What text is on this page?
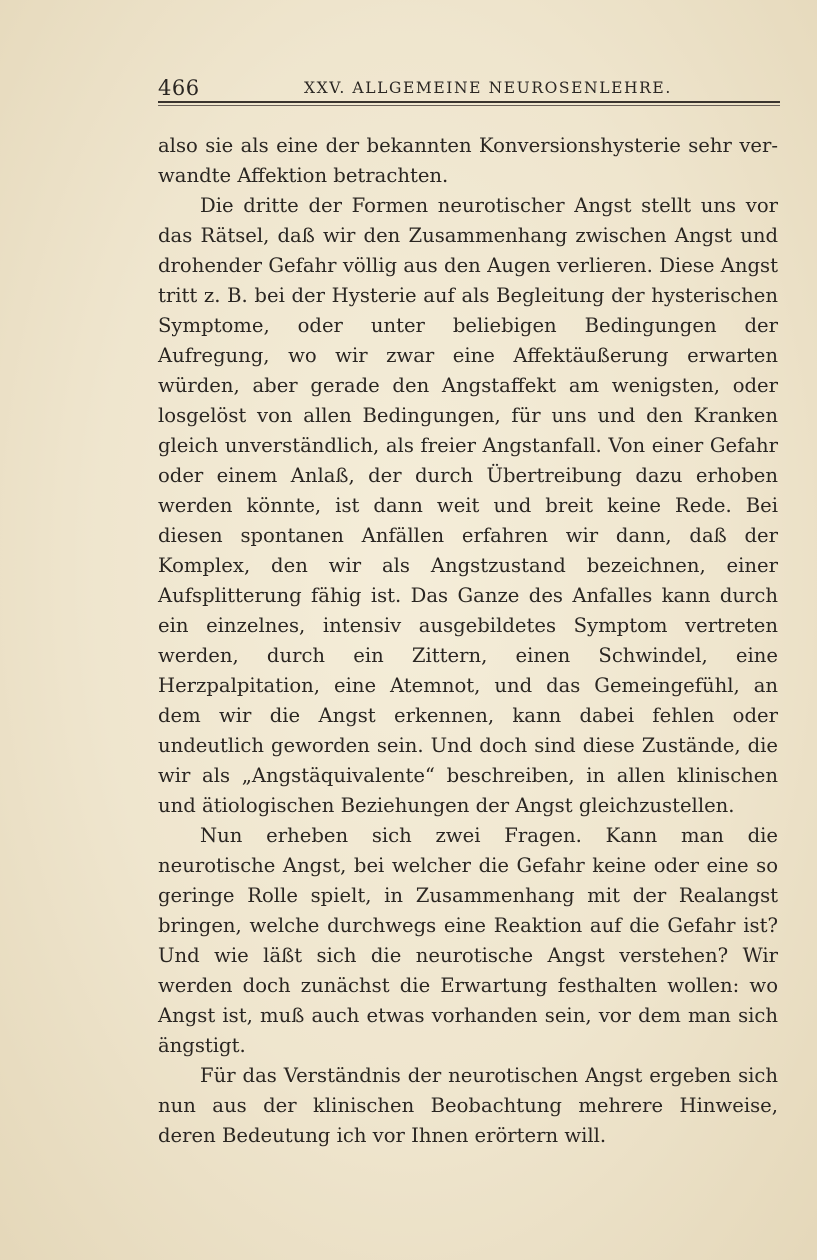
466	XXV. ALLGEMEINE NEUROSENLEHRE.

also sie als eine der bekannten Konversionshysterie sehr verwandte Affektion betrachten.

Die dritte der Formen neurotischer Angst stellt uns vor das Rätsel, daß wir den Zusammenhang zwischen Angst und drohender Gefahr völlig aus den Augen verlieren. Diese Angst tritt z. B. bei der Hysterie auf als Begleitung der hysterischen Symptome, oder unter beliebigen Bedingungen der Aufregung, wo wir zwar eine Affektäußerung erwarten würden, aber gerade den Angstaffekt am wenigsten, oder losgelöst von allen Bedingungen, für uns und den Kranken gleich unverständlich, als freier Angstanfall. Von einer Gefahr oder einem Anlaß, der durch Übertreibung dazu erhoben werden könnte, ist dann weit und breit keine Rede. Bei diesen spontanen Anfällen erfahren wir dann, daß der Komplex, den wir als Angstzustand bezeichnen, einer Aufsplitterung fähig ist. Das Ganze des Anfalles kann durch ein einzelnes, intensiv ausgebildetes Symptom vertreten werden, durch ein Zittern, einen Schwindel, eine Herzpalpitation, eine Atemnot, und das Gemeingefühl, an dem wir die Angst erkennen, kann dabei fehlen oder undeutlich geworden sein. Und doch sind diese Zustände, die wir als „Angstäquivalente“ beschreiben, in allen klinischen und ätiologischen Beziehungen der Angst gleichzustellen.

Nun erheben sich zwei Fragen. Kann man die neurotische Angst, bei welcher die Gefahr keine oder eine so geringe Rolle spielt, in Zusammenhang mit der Realangst bringen, welche durchwegs eine Reaktion auf die Gefahr ist? Und wie läßt sich die neurotische Angst verstehen? Wir werden doch zunächst die Erwartung festhalten wollen: wo Angst ist, muß auch etwas vorhanden sein, vor dem man sich ängstigt.

Für das Verständnis der neurotischen Angst ergeben sich nun aus der klinischen Beobachtung mehrere Hinweise, deren Bedeutung ich vor Ihnen erörtern will.
